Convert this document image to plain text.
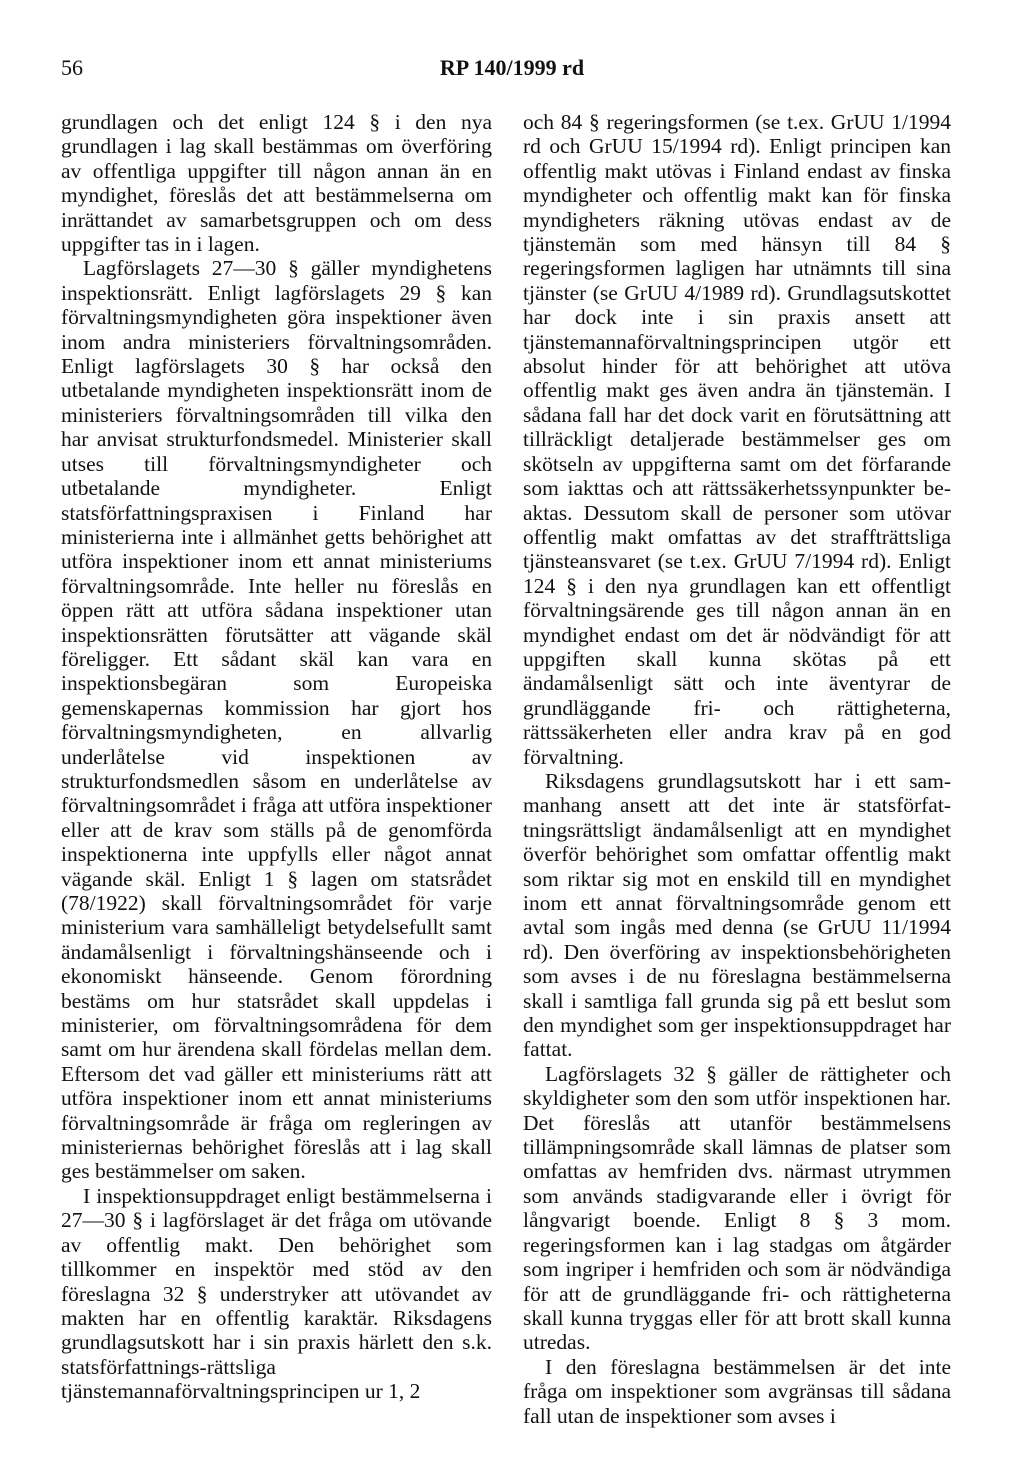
56	RP 140/1999 rd

grundlagen och det enligt 124 § i den nya grundlagen i lag skall bestämmas om överföring av offentliga uppgifter till någon annan än en myndighet, föreslås det att bestämmelserna om inrättandet av samarbetsgruppen och om dess uppgifter tas in i lagen.

Lagförslagets 27—30 § gäller myndighetens inspektionsrätt. Enligt lagförslagets 29 § kan förvaltningsmyndigheten göra inspektioner även inom andra ministeriers förvaltningsområden. Enligt lagförslagets 30 § har också den utbetalande myndigheten inspektionsrätt inom de ministeriers förvaltningsområden till vilka den har anvisat strukturfondsmedel. Ministerier skall utses till förvaltningsmyndigheter och utbetalande myndigheter. Enligt statsförfattningspraxisen i Finland har ministerierna inte i allmänhet getts behörighet att utföra inspektioner inom ett annat ministeriums förvaltningsområde. Inte heller nu föreslås en öppen rätt att utföra sådana inspektioner utan inspektionsrätten förutsätter att vägande skäl föreligger. Ett sådant skäl kan vara en inspektionsbegäran som Europeiska gemenskapernas kommission har gjort hos förvaltningsmyndigheten, en allvarlig underlåtelse vid inspektionen av strukturfondsmedlen såsom en underlåtelse av förvaltningsområdet i fråga att utföra inspektioner eller att de krav som ställs på de genomförda inspektionerna inte uppfylls eller något annat vägande skäl. Enligt 1 § lagen om statsrådet (78/1922) skall förvaltningsområdet för varje ministerium vara samhälleligt betydelsefullt samt ändamålsenligt i förvaltningshänseende och i ekonomiskt hänseende. Genom förordning bestäms om hur statsrådet skall uppdelas i ministerier, om förvaltningsområdena för dem samt om hur ärendena skall fördelas mellan dem. Eftersom det vad gäller ett ministeriums rätt att utföra inspektioner inom ett annat ministeriums förvaltningsområde är fråga om regleringen av ministeriernas behörighet föreslås att i lag skall ges bestämmelser om saken.

I inspektionsuppdraget enligt bestämmelserna i 27—30 § i lagförslaget är det fråga om utövande av offentlig makt. Den behörighet som tillkommer en inspektör med stöd av den föreslagna 32 § understryker att utövandet av makten har en offentlig karaktär. Riksdagens grundlagsutskott har i sin praxis härlett den s.k. statsförfattnings-rättsliga tjänstemannaförvaltningsprincipen ur 1, 2

och 84 § regeringsformen (se t.ex. GrUU 1/1994 rd och GrUU 15/1994 rd). Enligt principen kan offentlig makt utövas i Finland endast av finska myndigheter och offentlig makt kan för finska myndigheters räkning utövas endast av de tjänstemän som med hänsyn till 84 § regeringsformen lagligen har utnämnts till sina tjänster (se GrUU 4/1989 rd). Grundlagsutskottet har dock inte i sin praxis ansett att tjänstemannaförvaltningsprincipen utgör ett absolut hinder för att behörighet att utöva offentlig makt ges även andra än tjänstemän. I sådana fall har det dock varit en förutsättning att tillräckligt detaljerade bestämmelser ges om skötseln av uppgifterna samt om det förfarande som iakttas och att rättssäkerhetssynpunkter beaktas. Dessutom skall de personer som utövar offentlig makt omfattas av det straffträttsliga tjänsteansvaret (se t.ex. GrUU 7/1994 rd). Enligt 124 § i den nya grundlagen kan ett offentligt förvaltningsärende ges till någon annan än en myndighet endast om det är nödvändigt för att uppgiften skall kunna skötas på ett ändamålsenligt sätt och inte äventyrar de grundläggande fri- och rättigheterna, rättssäkerheten eller andra krav på en god förvaltning.

Riksdagens grundlagsutskott har i ett sammanhang ansett att det inte är statsförfattningsrättsligt ändamålsenligt att en myndighet överför behörighet som omfattar offentlig makt som riktar sig mot en enskild till en myndighet inom ett annat förvaltningsområde genom ett avtal som ingås med denna (se GrUU 11/1994 rd). Den överföring av inspektionsbehörigheten som avses i de nu föreslagna bestämmelserna skall i samtliga fall grunda sig på ett beslut som den myndighet som ger inspektionsuppdraget har fattat.

Lagförslagets 32 § gäller de rättigheter och skyldigheter som den som utför inspektionen har. Det föreslås att utanför bestämmelsens tillämpningsområde skall lämnas de platser som omfattas av hemfriden dvs. närmast utrymmen som används stadigvarande eller i övrigt för långvarigt boende. Enligt 8 § 3 mom. regeringsformen kan i lag stadgas om åtgärder som ingriper i hemfriden och som är nödvändiga för att de grundläggande fri- och rättigheterna skall kunna tryggas eller för att brott skall kunna utredas.

I den föreslagna bestämmelsen är det inte fråga om inspektioner som avgränsas till sådana fall utan de inspektioner som avses i
